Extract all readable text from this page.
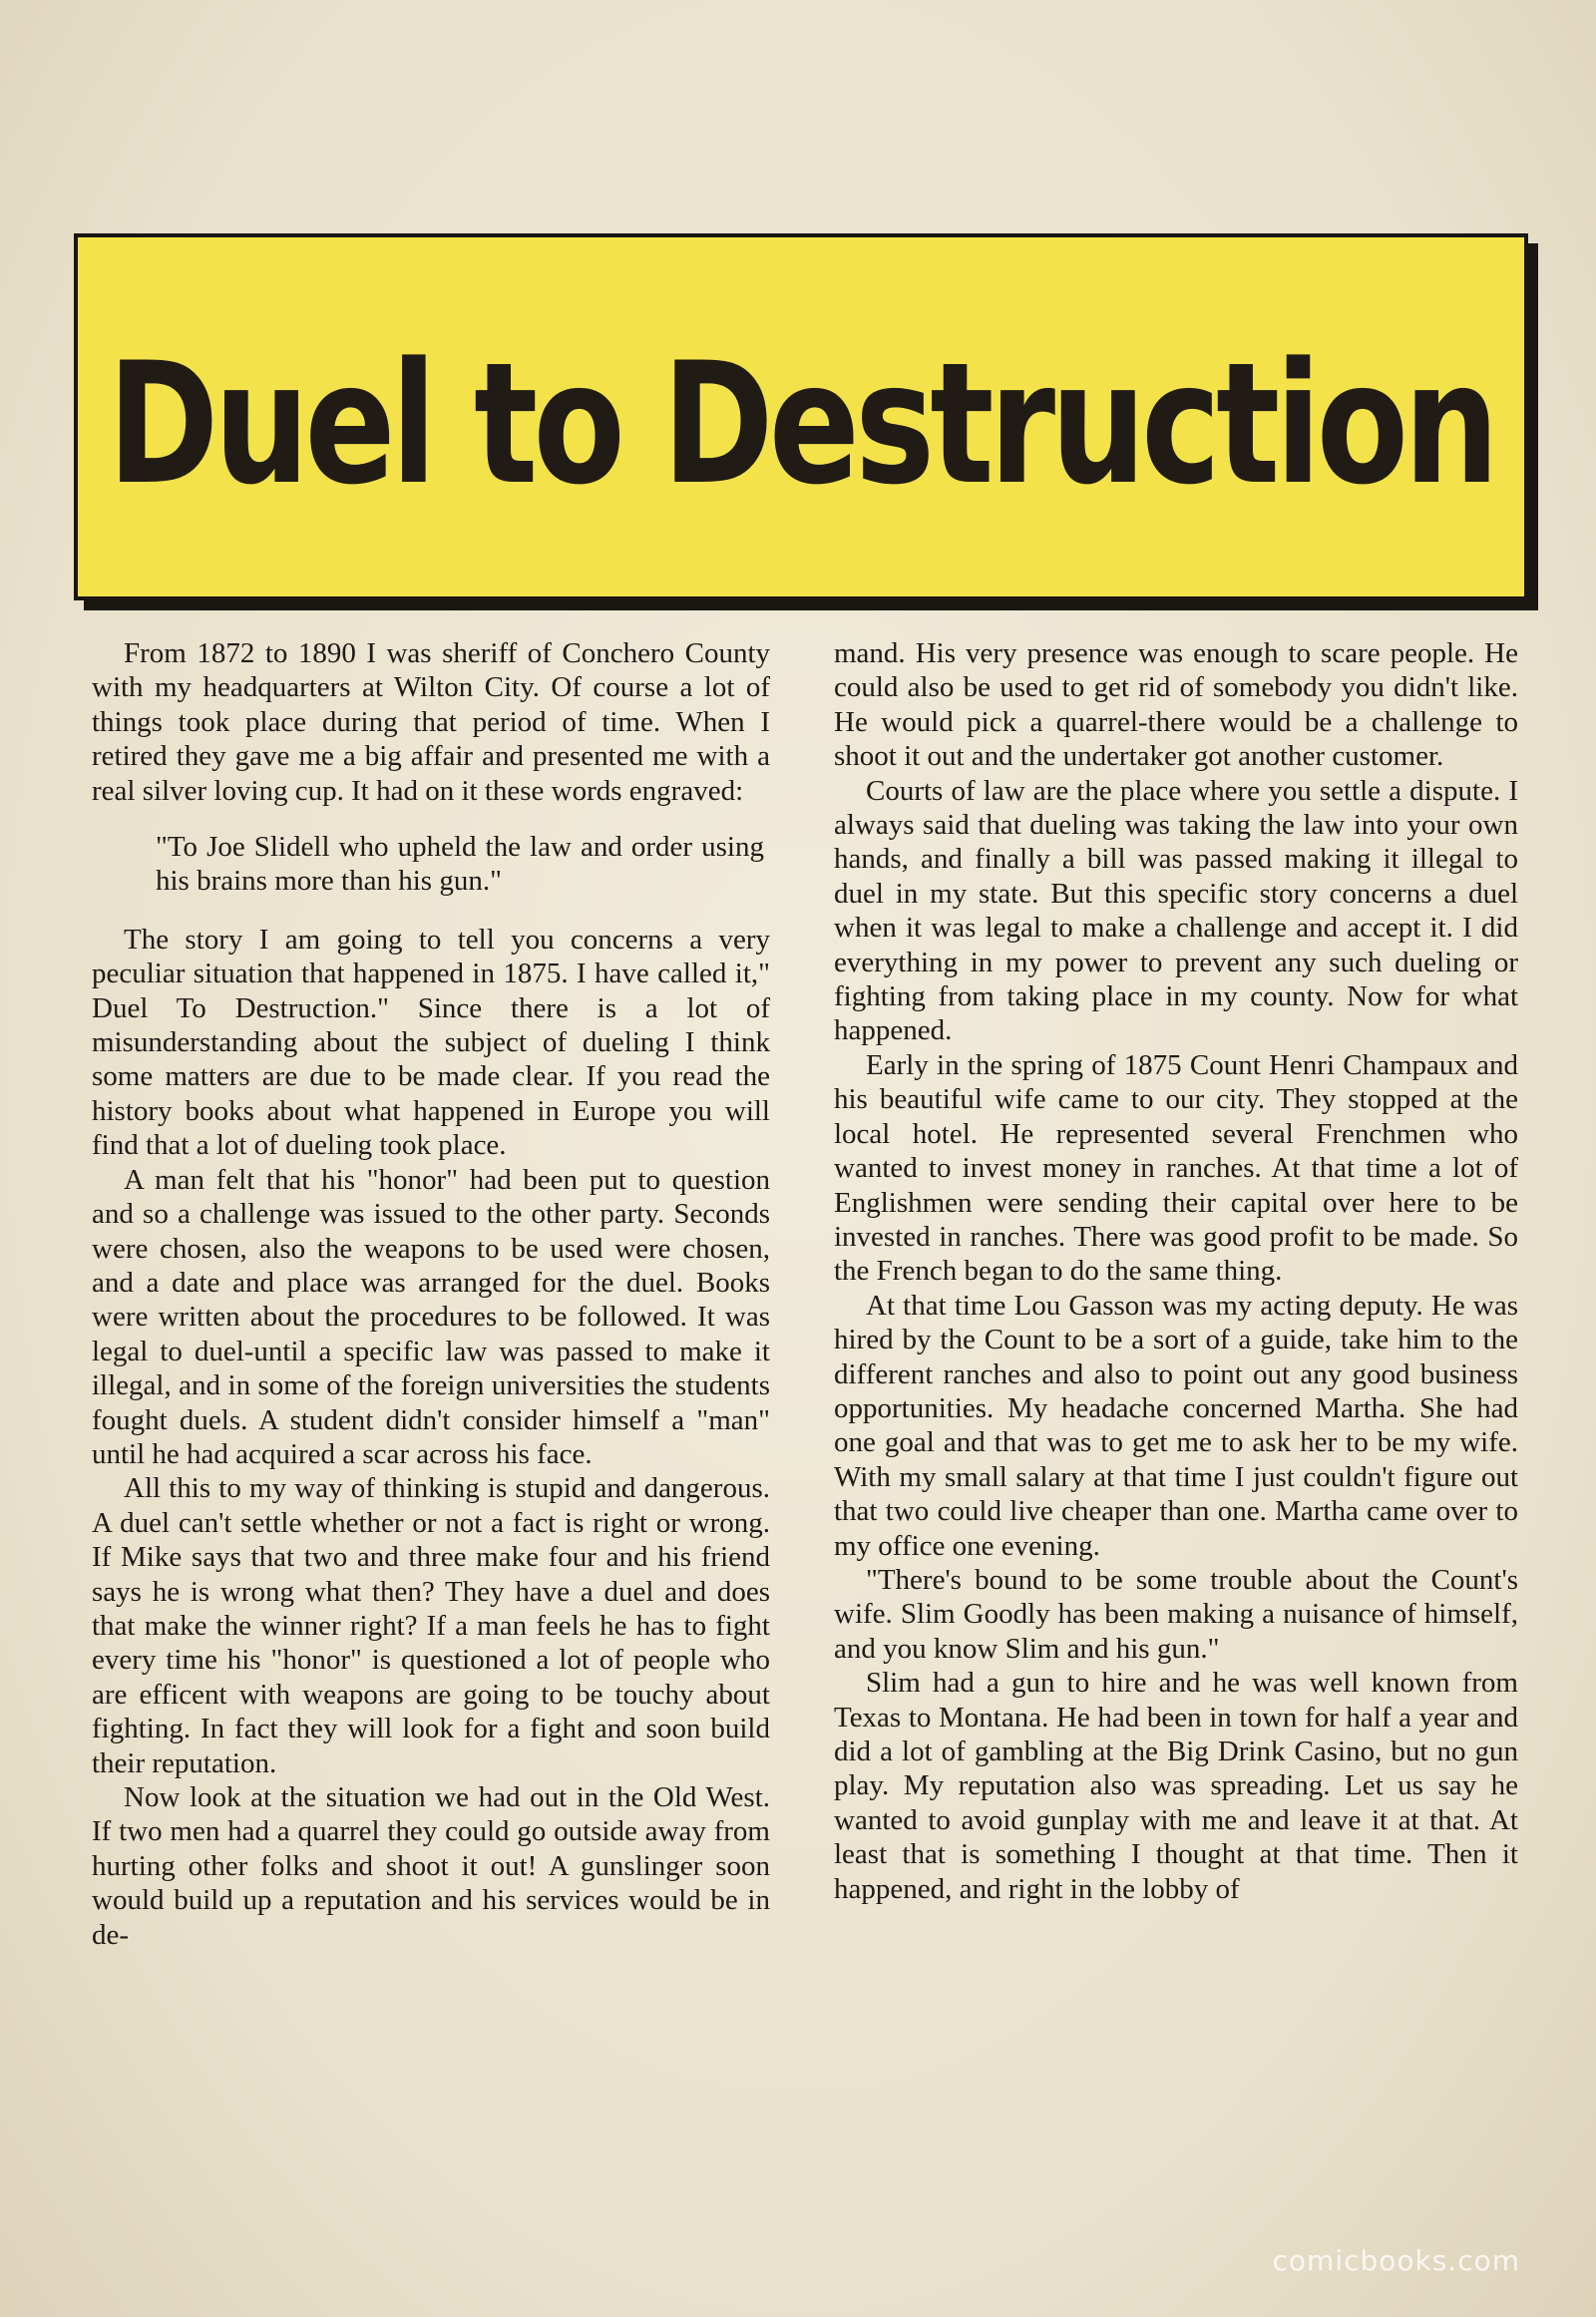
Duel to Destruction

From 1872 to 1890 I was sheriff of Conchero County with my headquarters at Wilton City. Of course a lot of things took place during that period of time. When I retired they gave me a big affair and presented me with a real silver loving cup. It had on it these words engraved:

"To Joe Slidell who upheld the law and order using his brains more than his gun."

The story I am going to tell you concerns a very peculiar situation that happened in 1875. I have called it," Duel To Destruction." Since there is a lot of misunderstanding about the subject of dueling I think some matters are due to be made clear. If you read the history books about what happened in Europe you will find that a lot of dueling took place.

A man felt that his "honor" had been put to question and so a challenge was issued to the other party. Seconds were chosen, also the weapons to be used were chosen, and a date and place was arranged for the duel. Books were written about the procedures to be followed. It was legal to duel-until a specific law was passed to make it illegal, and in some of the foreign universities the students fought duels. A student didn't consider himself a "man" until he had acquired a scar across his face.

All this to my way of thinking is stupid and dangerous. A duel can't settle whether or not a fact is right or wrong. If Mike says that two and three make four and his friend says he is wrong what then? They have a duel and does that make the winner right? If a man feels he has to fight every time his "honor" is questioned a lot of people who are efficent with weapons are going to be touchy about fighting. In fact they will look for a fight and soon build their reputation.

Now look at the situation we had out in the Old West. If two men had a quarrel they could go outside away from hurting other folks and shoot it out! A gunslinger soon would build up a reputation and his services would be in de-

mand. His very presence was enough to scare people. He could also be used to get rid of somebody you didn't like. He would pick a quarrel-there would be a challenge to shoot it out and the undertaker got another customer.

Courts of law are the place where you settle a dispute. I always said that dueling was taking the law into your own hands, and finally a bill was passed making it illegal to duel in my state. But this specific story concerns a duel when it was legal to make a challenge and accept it. I did everything in my power to prevent any such dueling or fighting from taking place in my county. Now for what happened.

Early in the spring of 1875 Count Henri Champaux and his beautiful wife came to our city. They stopped at the local hotel. He represented several Frenchmen who wanted to invest money in ranches. At that time a lot of Englishmen were sending their capital over here to be invested in ranches. There was good profit to be made. So the French began to do the same thing.

At that time Lou Gasson was my acting deputy. He was hired by the Count to be a sort of a guide, take him to the different ranches and also to point out any good business opportunities. My headache concerned Martha. She had one goal and that was to get me to ask her to be my wife. With my small salary at that time I just couldn't figure out that two could live cheaper than one. Martha came over to my office one evening.

"There's bound to be some trouble about the Count's wife. Slim Goodly has been making a nuisance of himself, and you know Slim and his gun."

Slim had a gun to hire and he was well known from Texas to Montana. He had been in town for half a year and did a lot of gambling at the Big Drink Casino, but no gun play. My reputation also was spreading. Let us say he wanted to avoid gunplay with me and leave it at that. At least that is something I thought at that time. Then it happened, and right in the lobby of

comicbooks.com
